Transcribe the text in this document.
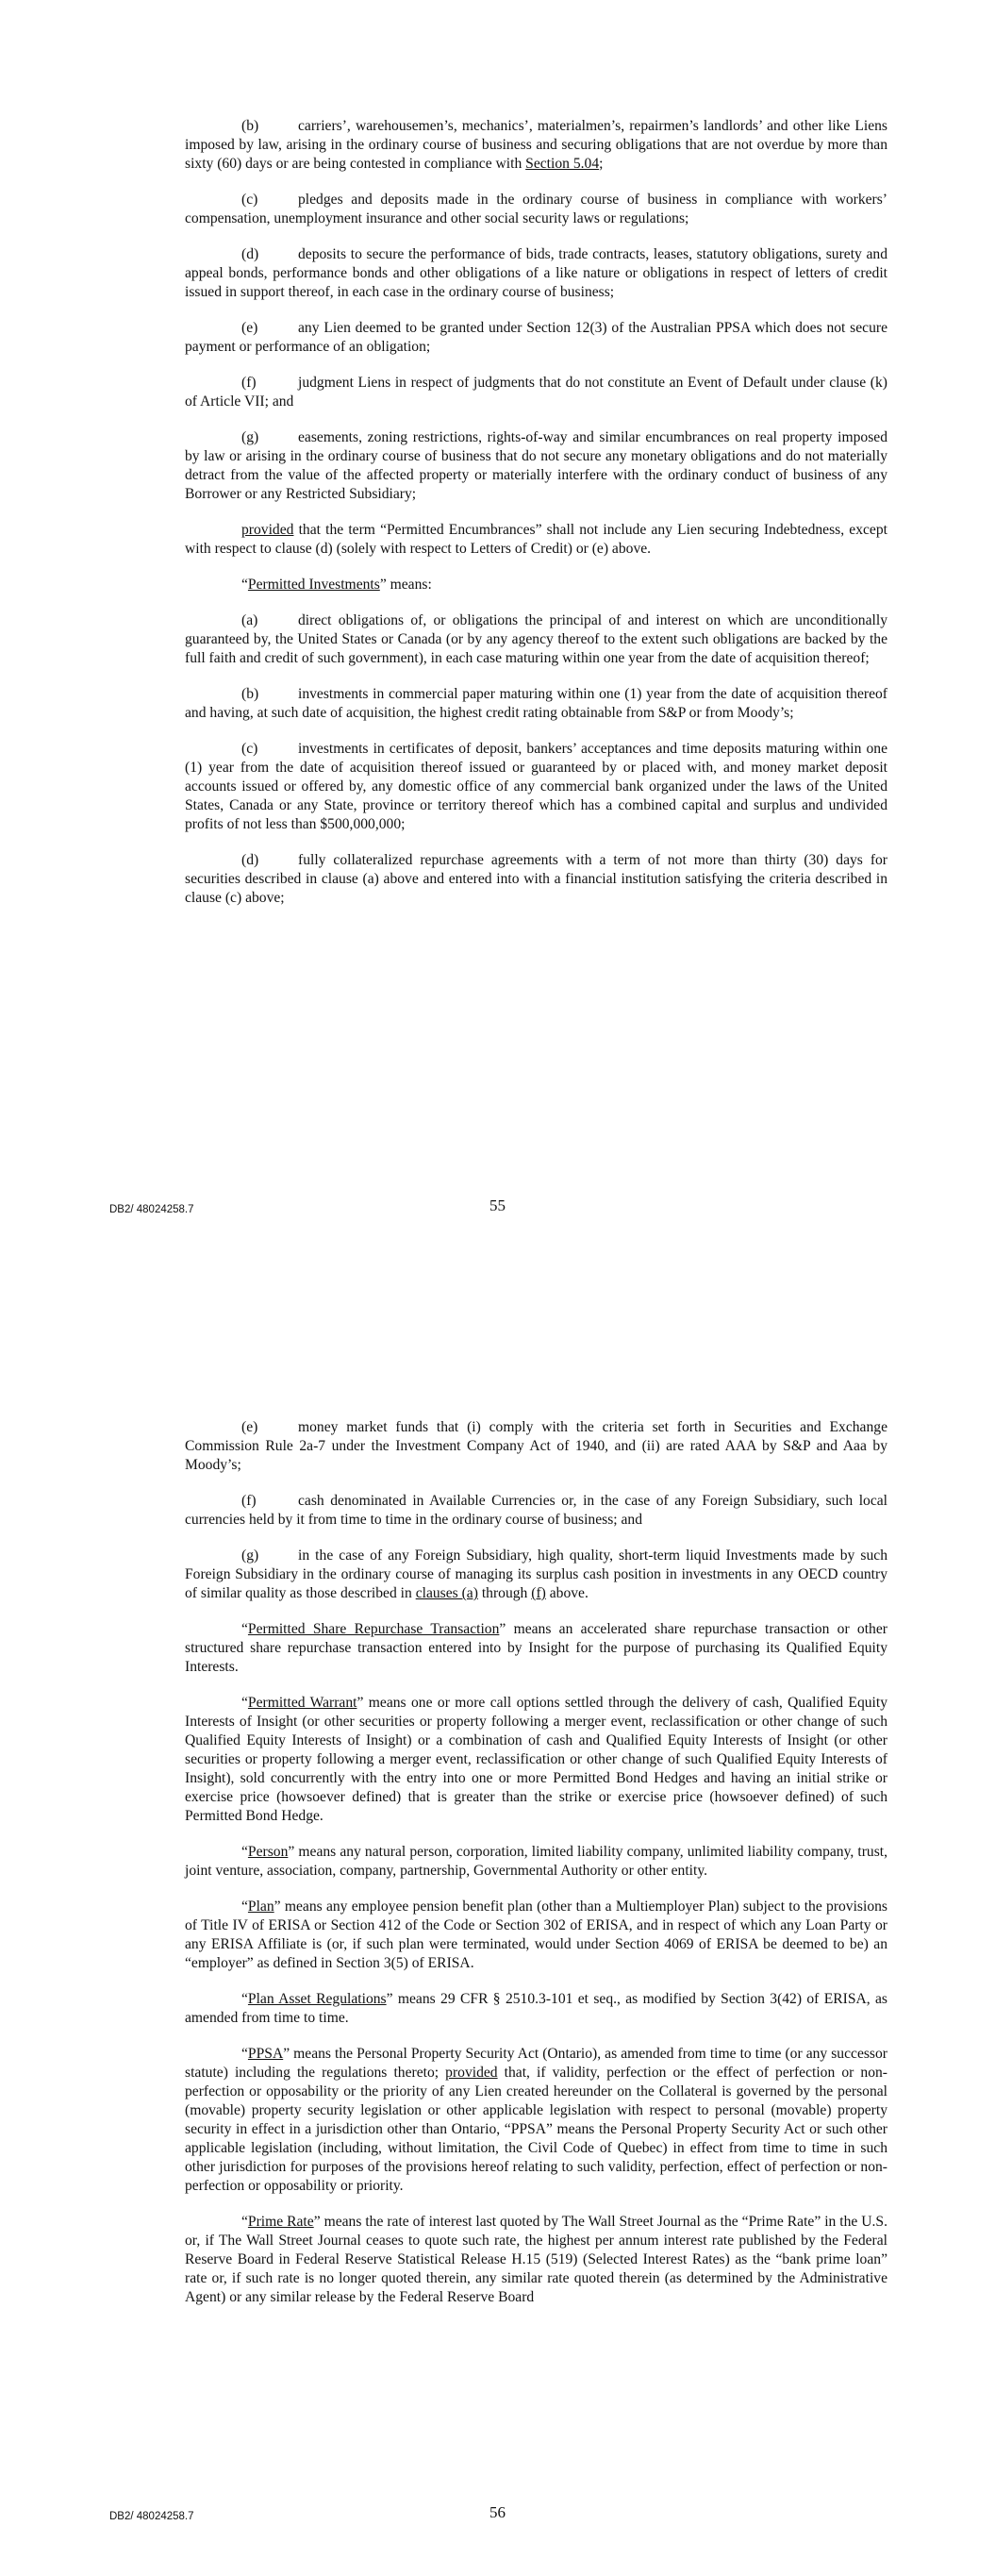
(b)	carriers’, warehousemen’s, mechanics’, materialmen’s, repairmen’s landlords’ and other like Liens imposed by law, arising in the ordinary course of business and securing obligations that are not overdue by more than sixty (60) days or are being contested in compliance with Section 5.04;

(c)	pledges and deposits made in the ordinary course of business in compliance with workers’ compensation, unemployment insurance and other social security laws or regulations;

(d)	deposits to secure the performance of bids, trade contracts, leases, statutory obligations, surety and appeal bonds, performance bonds and other obligations of a like nature or obligations in respect of letters of credit issued in support thereof, in each case in the ordinary course of business;

(e)	any Lien deemed to be granted under Section 12(3) of the Australian PPSA which does not secure payment or performance of an obligation;

(f)	judgment Liens in respect of judgments that do not constitute an Event of Default under clause (k) of Article VII; and

(g)	easements, zoning restrictions, rights-of-way and similar encumbrances on real property imposed by law or arising in the ordinary course of business that do not secure any monetary obligations and do not materially detract from the value of the affected property or materially interfere with the ordinary conduct of business of any Borrower or any Restricted Subsidiary;

provided that the term “Permitted Encumbrances” shall not include any Lien securing Indebtedness, except with respect to clause (d) (solely with respect to Letters of Credit) or (e) above.

“Permitted Investments” means:

(a)	direct obligations of, or obligations the principal of and interest on which are unconditionally guaranteed by, the United States or Canada (or by any agency thereof to the extent such obligations are backed by the full faith and credit of such government), in each case maturing within one year from the date of acquisition thereof;

(b)	investments in commercial paper maturing within one (1) year from the date of acquisition thereof and having, at such date of acquisition, the highest credit rating obtainable from S&P or from Moody’s;

(c)	investments in certificates of deposit, bankers’ acceptances and time deposits maturing within one (1) year from the date of acquisition thereof issued or guaranteed by or placed with, and money market deposit accounts issued or offered by, any domestic office of any commercial bank organized under the laws of the United States, Canada or any State, province or territory thereof which has a combined capital and surplus and undivided profits of not less than $500,000,000;

(d)	fully collateralized repurchase agreements with a term of not more than thirty (30) days for securities described in clause (a) above and entered into with a financial institution satisfying the criteria described in clause (c) above;

DB2/ 48024258.7	55

(e)	money market funds that (i) comply with the criteria set forth in Securities and Exchange Commission Rule 2a-7 under the Investment Company Act of 1940, and (ii) are rated AAA by S&P and Aaa by Moody’s;

(f)	cash denominated in Available Currencies or, in the case of any Foreign Subsidiary, such local currencies held by it from time to time in the ordinary course of business; and

(g)	in the case of any Foreign Subsidiary, high quality, short-term liquid Investments made by such Foreign Subsidiary in the ordinary course of managing its surplus cash position in investments in any OECD country of similar quality as those described in clauses (a) through (f) above.

“Permitted Share Repurchase Transaction” means an accelerated share repurchase transaction or other structured share repurchase transaction entered into by Insight for the purpose of purchasing its Qualified Equity Interests.

“Permitted Warrant” means one or more call options settled through the delivery of cash, Qualified Equity Interests of Insight (or other securities or property following a merger event, reclassification or other change of such Qualified Equity Interests of Insight) or a combination of cash and Qualified Equity Interests of Insight (or other securities or property following a merger event, reclassification or other change of such Qualified Equity Interests of Insight), sold concurrently with the entry into one or more Permitted Bond Hedges and having an initial strike or exercise price (howsoever defined) that is greater than the strike or exercise price (howsoever defined) of such Permitted Bond Hedge.

“Person” means any natural person, corporation, limited liability company, unlimited liability company, trust, joint venture, association, company, partnership, Governmental Authority or other entity.

“Plan” means any employee pension benefit plan (other than a Multiemployer Plan) subject to the provisions of Title IV of ERISA or Section 412 of the Code or Section 302 of ERISA, and in respect of which any Loan Party or any ERISA Affiliate is (or, if such plan were terminated, would under Section 4069 of ERISA be deemed to be) an “employer” as defined in Section 3(5) of ERISA.

“Plan Asset Regulations” means 29 CFR § 2510.3-101 et seq., as modified by Section 3(42) of ERISA, as amended from time to time.

“PPSA” means the Personal Property Security Act (Ontario), as amended from time to time (or any successor statute) including the regulations thereto; provided that, if validity, perfection or the effect of perfection or non-perfection or opposability or the priority of any Lien created hereunder on the Collateral is governed by the personal (movable) property security legislation or other applicable legislation with respect to personal (movable) property security in effect in a jurisdiction other than Ontario, “PPSA” means the Personal Property Security Act or such other applicable legislation (including, without limitation, the Civil Code of Quebec) in effect from time to time in such other jurisdiction for purposes of the provisions hereof relating to such validity, perfection, effect of perfection or non-perfection or opposability or priority.

“Prime Rate” means the rate of interest last quoted by The Wall Street Journal as the “Prime Rate” in the U.S. or, if The Wall Street Journal ceases to quote such rate, the highest per annum interest rate published by the Federal Reserve Board in Federal Reserve Statistical Release H.15 (519) (Selected Interest Rates) as the “bank prime loan” rate or, if such rate is no longer quoted therein, any similar rate quoted therein (as determined by the Administrative Agent) or any similar release by the Federal Reserve Board

DB2/ 48024258.7	56
